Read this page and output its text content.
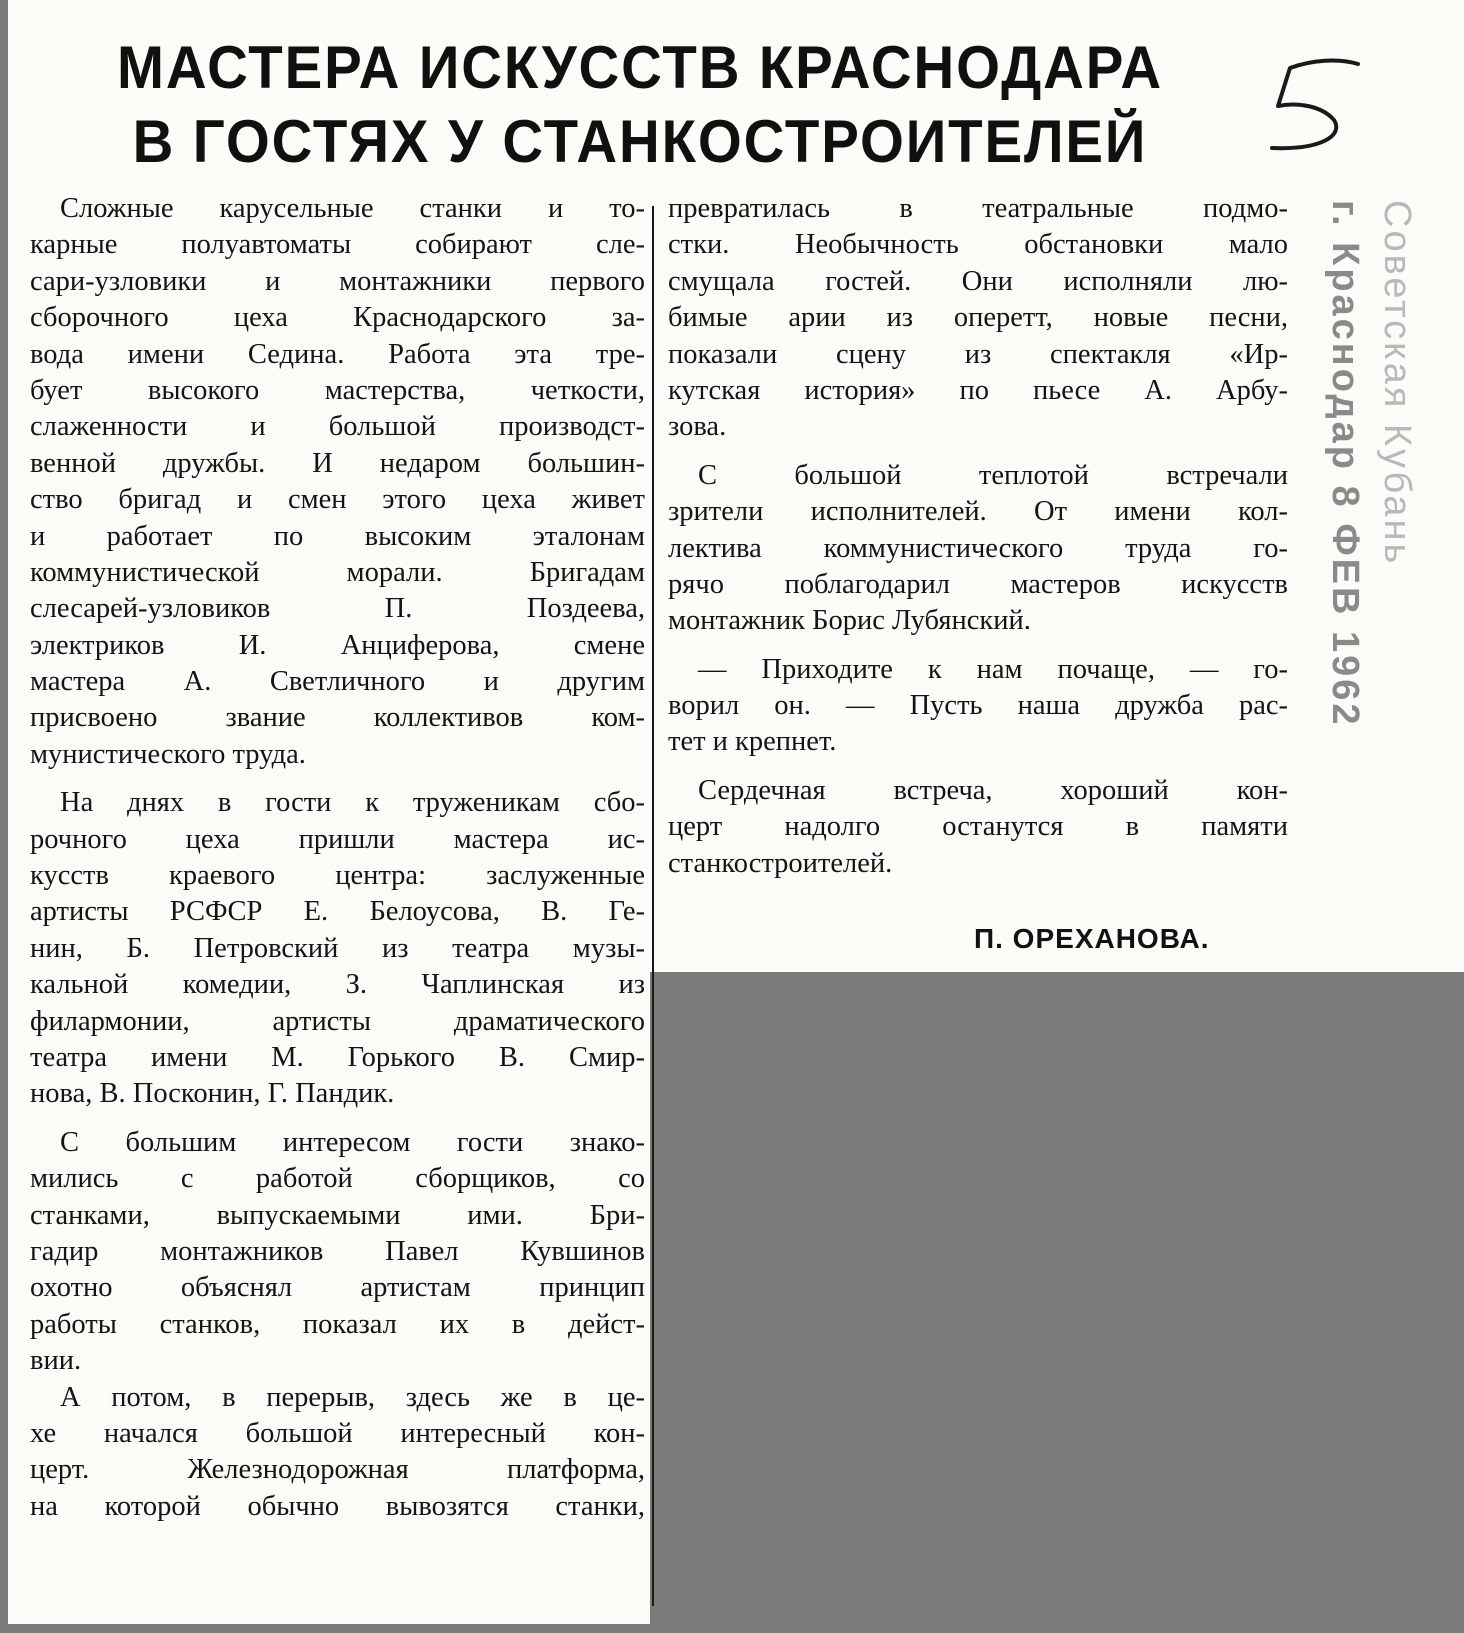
МАСТЕРА ИСКУССТВ КРАСНОДАРА
В ГОСТЯХ У СТАНКОСТРОИТЕЛЕЙ
Советская Кубань
г. Краснодар 8 ФЕВ 1962
Сложные карусельные станки и то-
карные полуавтоматы собирают сле-
сари-узловики и монтажники первого
сборочного цеха Краснодарского за-
вода имени Седина. Работа эта тре-
бует высокого мастерства, четкости,
слаженности и большой производст-
венной дружбы. И недаром большин-
ство бригад и смен этого цеха живет
и работает по высоким эталонам
коммунистической морали. Бригадам
слесарей-узловиков П. Поздеева,
электриков И. Анциферова, смене
мастера А. Светличного и другим
присвоено звание коллективов ком-
мунистического труда.
На днях в гости к труженикам сбо-
рочного цеха пришли мастера ис-
кусств краевого центра: заслуженные
артисты РСФСР Е. Белоусова, В. Ге-
нин, Б. Петровский из театра музы-
кальной комедии, З. Чаплинская из
филармонии, артисты драматического
театра имени М. Горького В. Смир-
нова, В. Посконин, Г. Пандик.
С большим интересом гости знако-
мились с работой сборщиков, со
станками, выпускаемыми ими. Бри-
гадир монтажников Павел Кувшинов
охотно объяснял артистам принцип
работы станков, показал их в дейст-
вии.
А потом, в перерыв, здесь же в це-
хе начался большой интересный кон-
церт. Железнодорожная платформа,
на которой обычно вывозятся станки,
превратилась в театральные подмо-
стки. Необычность обстановки мало
смущала гостей. Они исполняли лю-
бимые арии из оперетт, новые песни,
показали сцену из спектакля «Ир-
кутская история» по пьесе А. Арбу-
зова.
С большой теплотой встречали
зрители исполнителей. От имени кол-
лектива коммунистического труда го-
рячо поблагодарил мастеров искусств
монтажник Борис Лубянский.
— Приходите к нам почаще, — го-
ворил он. — Пусть наша дружба рас-
тет и крепнет.
Сердечная встреча, хороший кон-
церт надолго останутся в памяти
станкостроителей.
П. ОРЕХАНОВА.
